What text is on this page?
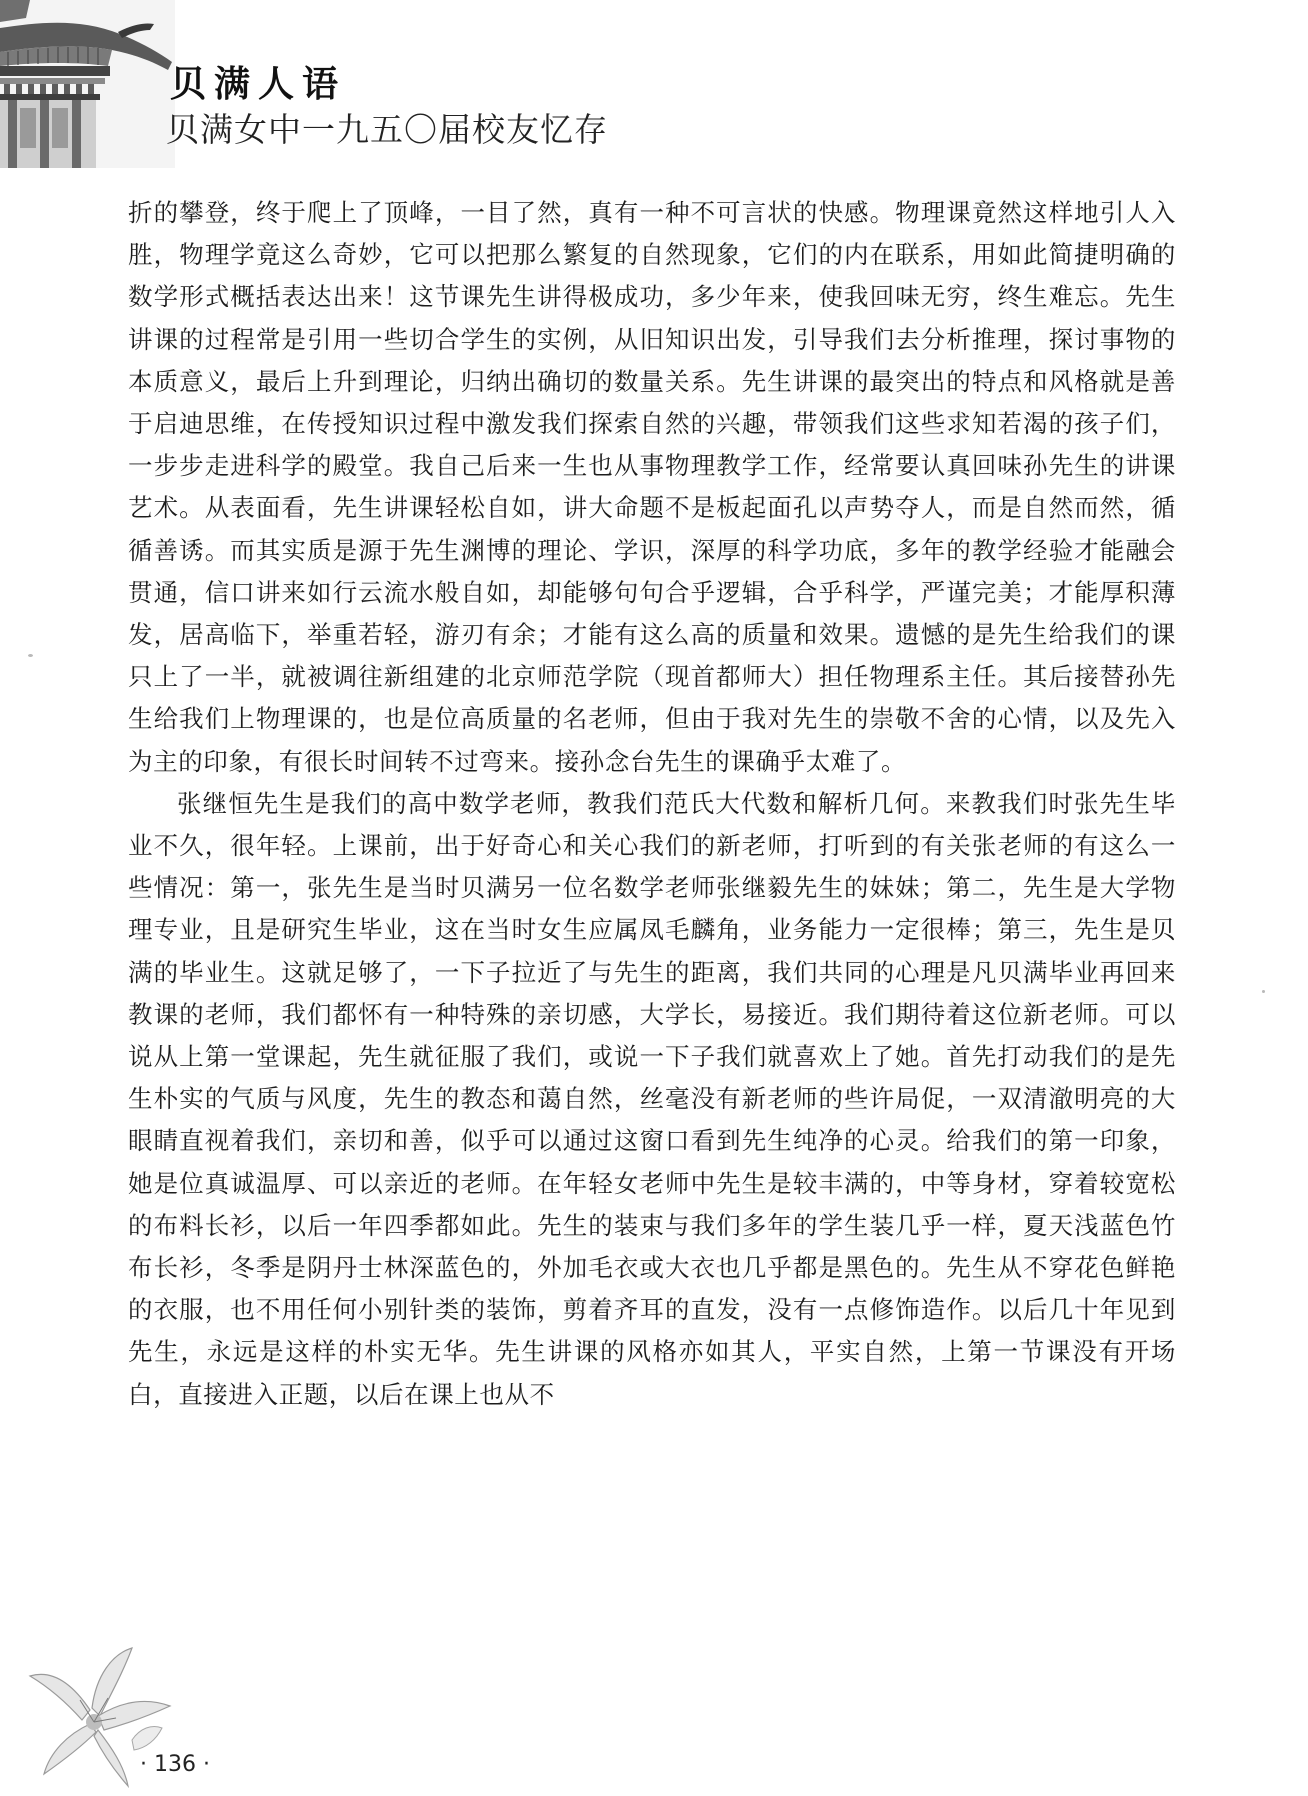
贝满人语
贝满女中一九五〇届校友忆存

折的攀登，终于爬上了顶峰，一目了然，真有一种不可言状的快感。物理课竟然这样地引人入胜，物理学竟这么奇妙，它可以把那么繁复的自然现象，它们的内在联系，用如此简捷明确的数学形式概括表达出来！这节课先生讲得极成功，多少年来，使我回味无穷，终生难忘。先生讲课的过程常是引用一些切合学生的实例，从旧知识出发，引导我们去分析推理，探讨事物的本质意义，最后上升到理论，归纳出确切的数量关系。先生讲课的最突出的特点和风格就是善于启迪思维，在传授知识过程中激发我们探索自然的兴趣，带领我们这些求知若渴的孩子们，一步步走进科学的殿堂。我自己后来一生也从事物理教学工作，经常要认真回味孙先生的讲课艺术。从表面看，先生讲课轻松自如，讲大命题不是板起面孔以声势夺人，而是自然而然，循循善诱。而其实质是源于先生渊博的理论、学识，深厚的科学功底，多年的教学经验才能融会贯通，信口讲来如行云流水般自如，却能够句句合乎逻辑，合乎科学，严谨完美；才能厚积薄发，居高临下，举重若轻，游刃有余；才能有这么高的质量和效果。遗憾的是先生给我们的课只上了一半，就被调往新组建的北京师范学院（现首都师大）担任物理系主任。其后接替孙先生给我们上物理课的，也是位高质量的名老师，但由于我对先生的崇敬不舍的心情，以及先入为主的印象，有很长时间转不过弯来。接孙念台先生的课确乎太难了。

张继恒先生是我们的高中数学老师，教我们范氏大代数和解析几何。来教我们时张先生毕业不久，很年轻。上课前，出于好奇心和关心我们的新老师，打听到的有关张老师的有这么一些情况：第一，张先生是当时贝满另一位名数学老师张继毅先生的妹妹；第二，先生是大学物理专业，且是研究生毕业，这在当时女生应属凤毛麟角，业务能力一定很棒；第三，先生是贝满的毕业生。这就足够了，一下子拉近了与先生的距离，我们共同的心理是凡贝满毕业再回来教课的老师，我们都怀有一种特殊的亲切感，大学长，易接近。我们期待着这位新老师。可以说从上第一堂课起，先生就征服了我们，或说一下子我们就喜欢上了她。首先打动我们的是先生朴实的气质与风度，先生的教态和蔼自然，丝毫没有新老师的些许局促，一双清澈明亮的大眼睛直视着我们，亲切和善，似乎可以通过这窗口看到先生纯净的心灵。给我们的第一印象，她是位真诚温厚、可以亲近的老师。在年轻女老师中先生是较丰满的，中等身材，穿着较宽松的布料长衫，以后一年四季都如此。先生的装束与我们多年的学生装几乎一样，夏天浅蓝色竹布长衫，冬季是阴丹士林深蓝色的，外加毛衣或大衣也几乎都是黑色的。先生从不穿花色鲜艳的衣服，也不用任何小别针类的装饰，剪着齐耳的直发，没有一点修饰造作。以后几十年见到先生，永远是这样的朴实无华。先生讲课的风格亦如其人，平实自然，上第一节课没有开场白，直接进入正题，以后在课上也从不

· 136 ·
